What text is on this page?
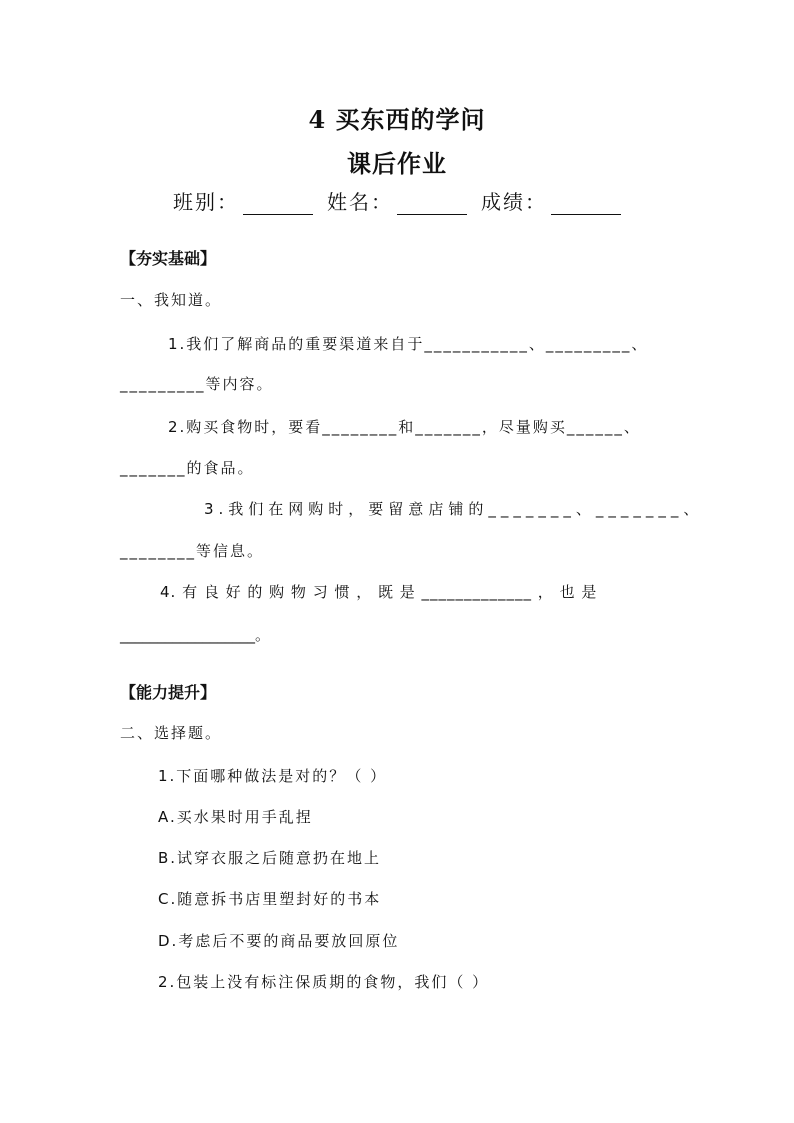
4 买东西的学问
课后作业
班别：	姓名：	成绩：
【夯实基础】
一、我知道。
1.我们了解商品的重要渠道来自于___________、_________、
_________等内容。
2.购买食物时，要看________和_______，尽量购买______、
_______的食品。
3.我们在网购时，要留意店铺的_______、_______、
________等信息。
4. 有 良 好 的 购 物 习 惯 ， 既 是 _____________ ， 也 是
__________________。
【能力提升】
二、选择题。
1.下面哪种做法是对的？（ ）
A.买水果时用手乱捏
B.试穿衣服之后随意扔在地上
C.随意拆书店里塑封好的书本
D.考虑后不要的商品要放回原位
2.包装上没有标注保质期的食物，我们（ ）
